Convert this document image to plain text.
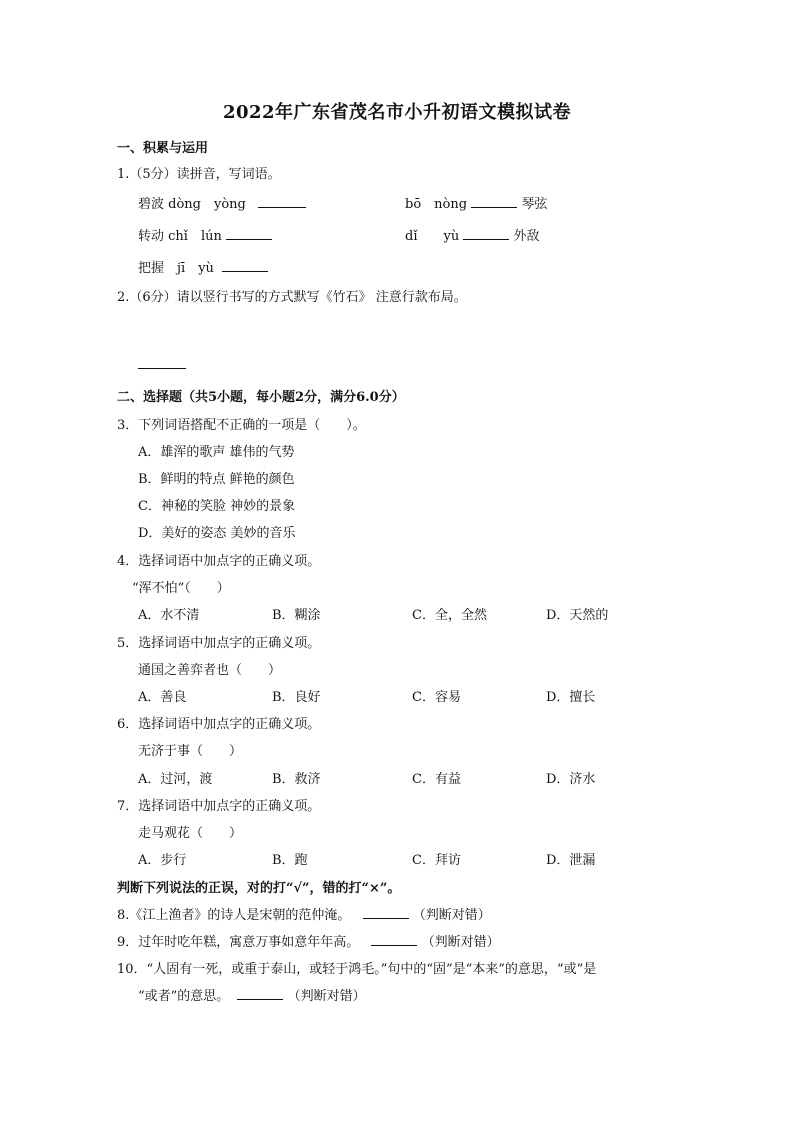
2022年广东省茂名市小升初语文模拟试卷
一、积累与运用
1.（5分）读拼音，写词语。
碧波 dòng　yòng	bō　nòng	琴弦
转动 chǐ　lún	dǐ　　yù	外敌
把握　jī　yù
2.（6分）请以竖行书写的方式默写《竹石》 注意行款布局。
二、选择题（共5小题，每小题2分，满分6.0分）
3．下列词语搭配不正确的一项是（　　）。
A．雄浑的歌声 雄伟的气势
B．鲜明的特点 鲜艳的颜色
C．神秘的笑脸 神妙的景象
D．美好的姿态 美妙的音乐
4．选择词语中加点字的正确义项。
“浑不怕”（　　）
A．水不清	B．糊涂	C．全，全然	D．天然的
5．选择词语中加点字的正确义项。
通国之善弈者也（　　）
A．善良	B．良好	C．容易	D．擅长
6．选择词语中加点字的正确义项。
无济于事（　　）
A．过河，渡	B．救济	C．有益	D．济水
7．选择词语中加点字的正确义项。
走马观花（　　）
A．步行	B．跑	C．拜访	D．泄漏
判断下列说法的正误，对的打“√”，错的打“×”。
8.《江上渔者》的诗人是宋朝的范仲淹。	（判断对错）
9．过年时吃年糕，寓意万事如意年年高。	（判断对错）
10．“人固有一死，或重于泰山，或轻于鸿毛。”句中的“固”是“本来”的意思，“或”是
“或者”的意思。	（判断对错）
